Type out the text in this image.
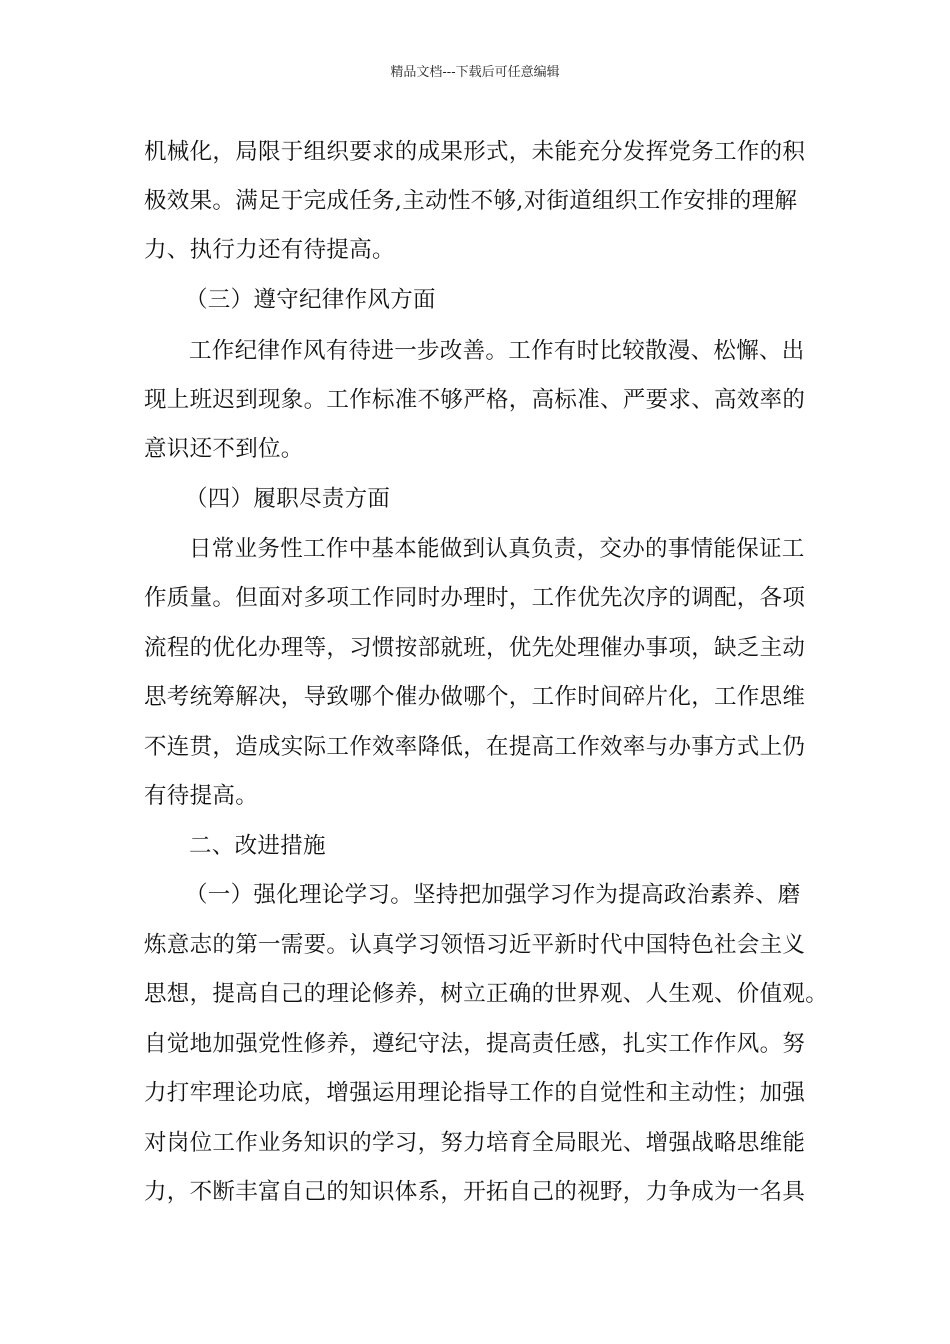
精品文档---下载后可任意编辑
机械化，局限于组织要求的成果形式，未能充分发挥党务工作的积
极效果。满足于完成任务,主动性不够,对街道组织工作安排的理解
力、执行力还有待提高。
（三）遵守纪律作风方面
工作纪律作风有待进一步改善。工作有时比较散漫、松懈、出
现上班迟到现象。工作标准不够严格，高标准、严要求、高效率的
意识还不到位。
（四）履职尽责方面
日常业务性工作中基本能做到认真负责，交办的事情能保证工
作质量。但面对多项工作同时办理时，工作优先次序的调配，各项
流程的优化办理等，习惯按部就班，优先处理催办事项，缺乏主动
思考统筹解决，导致哪个催办做哪个，工作时间碎片化，工作思维
不连贯，造成实际工作效率降低，在提高工作效率与办事方式上仍
有待提高。
二、改进措施
（一）强化理论学习。坚持把加强学习作为提高政治素养、磨
炼意志的第一需要。认真学习领悟习近平新时代中国特色社会主义
思想，提高自己的理论修养，树立正确的世界观、人生观、价值观。
自觉地加强党性修养，遵纪守法，提高责任感，扎实工作作风。努
力打牢理论功底，增强运用理论指导工作的自觉性和主动性；加强
对岗位工作业务知识的学习，努力培育全局眼光、增强战略思维能
力，不断丰富自己的知识体系，开拓自己的视野，力争成为一名具
